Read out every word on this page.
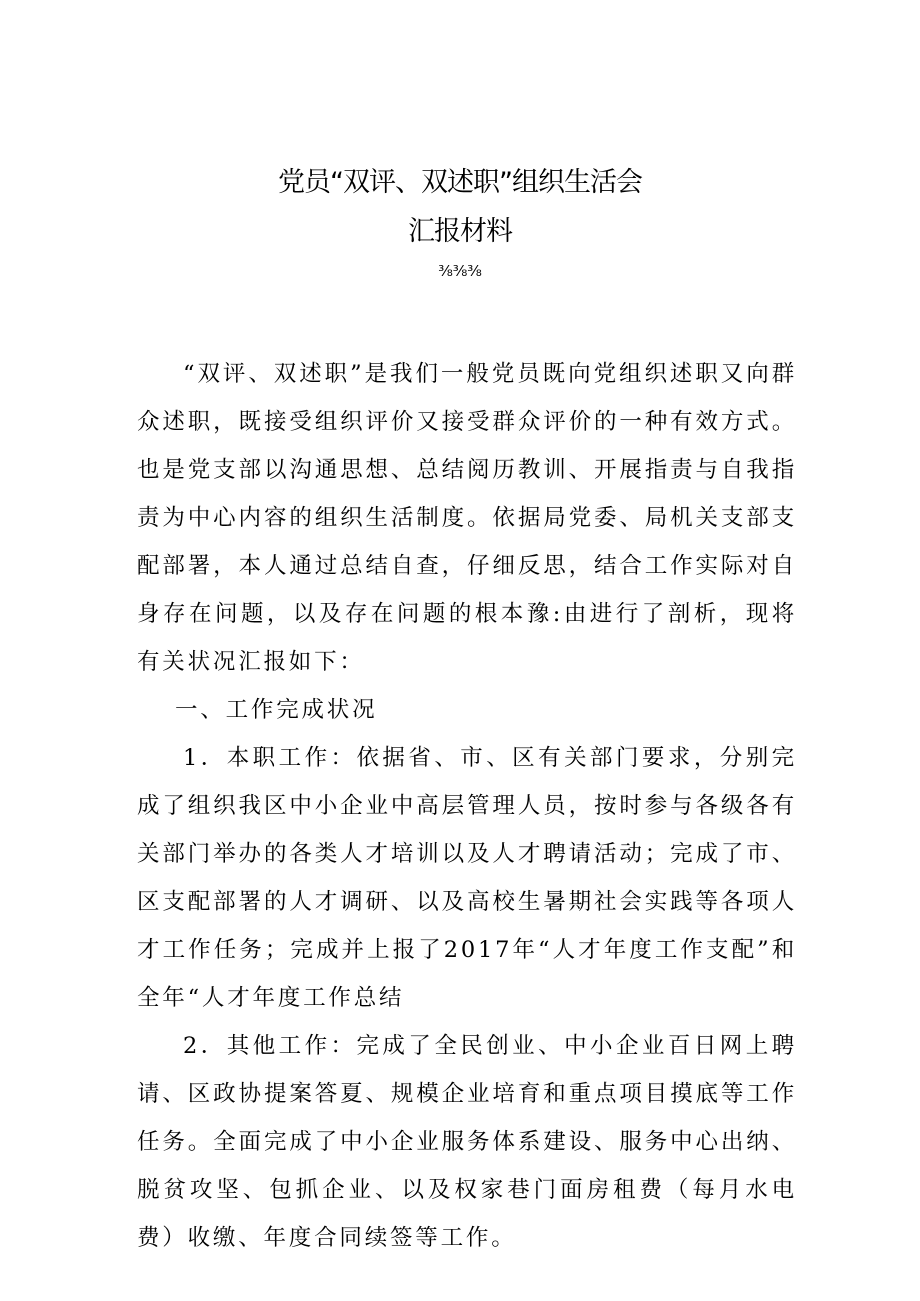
党员“双评、双述职”组织生活会
汇报材料
⅜⅜⅜

“双评、双述职”是我们一般党员既向党组织述职又向群众述职，既接受组织评价又接受群众评价的一种有效方式。也是党支部以沟通思想、总结阅历教训、开展指责与自我指责为中心内容的组织生活制度。依据局党委、局机关支部支配部署，本人通过总结自查，仔细反思，结合工作实际对自身存在问题，以及存在问题的根本豫:由进行了剖析，现将有关状况汇报如下：

一、工作完成状况

1．本职工作：依据省、市、区有关部门要求，分别完成了组织我区中小企业中高层管理人员，按时参与各级各有关部门举办的各类人才培训以及人才聘请活动；完成了市、区支配部署的人才调研、以及高校生暑期社会实践等各项人才工作任务；完成并上报了2017年“人才年度工作支配”和全年“人才年度工作总结

2．其他工作：完成了全民创业、中小企业百日网上聘请、区政协提案答夏、规模企业培育和重点项目摸底等工作任务。全面完成了中小企业服务体系建设、服务中心出纳、脱贫攻坚、包抓企业、以及权家巷门面房租费（每月水电费）收缴、年度合同续签等工作。
